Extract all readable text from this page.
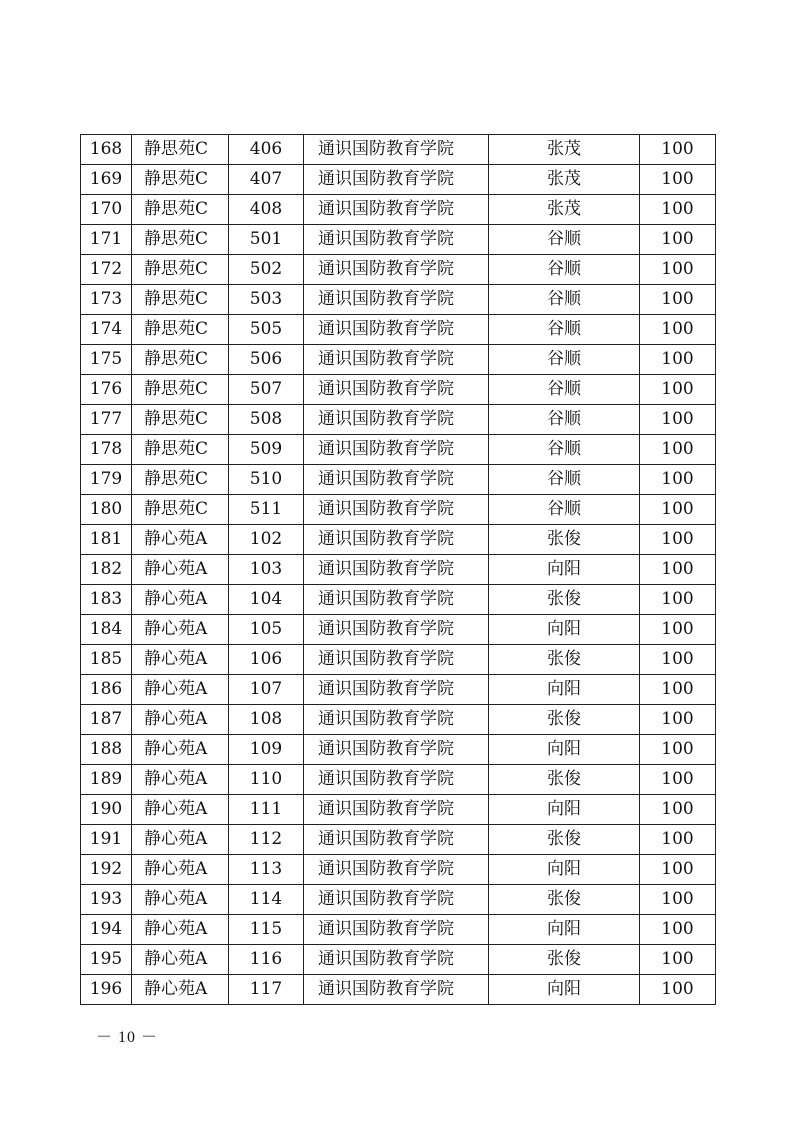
168	静思苑C	406	通识国防教育学院	张茂	100
169	静思苑C	407	通识国防教育学院	张茂	100
170	静思苑C	408	通识国防教育学院	张茂	100
171	静思苑C	501	通识国防教育学院	谷顺	100
172	静思苑C	502	通识国防教育学院	谷顺	100
173	静思苑C	503	通识国防教育学院	谷顺	100
174	静思苑C	505	通识国防教育学院	谷顺	100
175	静思苑C	506	通识国防教育学院	谷顺	100
176	静思苑C	507	通识国防教育学院	谷顺	100
177	静思苑C	508	通识国防教育学院	谷顺	100
178	静思苑C	509	通识国防教育学院	谷顺	100
179	静思苑C	510	通识国防教育学院	谷顺	100
180	静思苑C	511	通识国防教育学院	谷顺	100
181	静心苑A	102	通识国防教育学院	张俊	100
182	静心苑A	103	通识国防教育学院	向阳	100
183	静心苑A	104	通识国防教育学院	张俊	100
184	静心苑A	105	通识国防教育学院	向阳	100
185	静心苑A	106	通识国防教育学院	张俊	100
186	静心苑A	107	通识国防教育学院	向阳	100
187	静心苑A	108	通识国防教育学院	张俊	100
188	静心苑A	109	通识国防教育学院	向阳	100
189	静心苑A	110	通识国防教育学院	张俊	100
190	静心苑A	111	通识国防教育学院	向阳	100
191	静心苑A	112	通识国防教育学院	张俊	100
192	静心苑A	113	通识国防教育学院	向阳	100
193	静心苑A	114	通识国防教育学院	张俊	100
194	静心苑A	115	通识国防教育学院	向阳	100
195	静心苑A	116	通识国防教育学院	张俊	100
196	静心苑A	117	通识国防教育学院	向阳	100
－ 10 －
